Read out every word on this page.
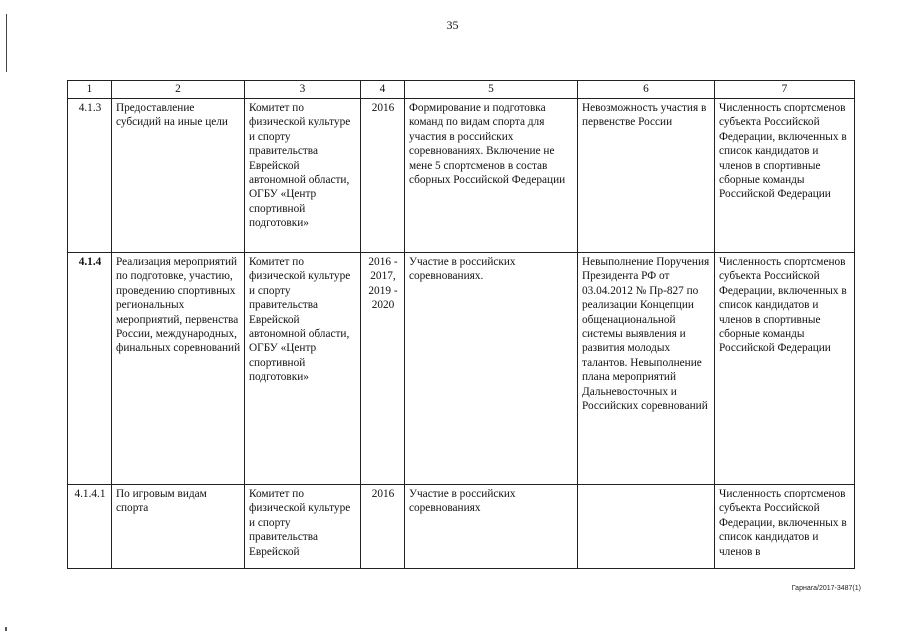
35
1	2	3	4	5	6	7
4.1.3	Предоставление субсидий на иные цели	Комитет по физической культуре и спорту правительства Еврейской автономной области, ОГБУ «Центр спортивной подготовки»	2016	Формирование и подготовка команд по видам спорта для участия в российских соревнованиях. Включение не мене 5 спортсменов в состав сборных Российской Федерации	Невозможность участия в первенстве России	Численность спортсменов субъекта Российской Федерации, включенных в список кандидатов и членов в спортивные сборные команды Российской Федерации
4.1.4	Реализация мероприятий по подготовке, участию, проведению спортивных региональных мероприятий, первенства России, международных, финальных соревнований	Комитет по физической культуре и спорту правительства Еврейской автономной области, ОГБУ «Центр спортивной подготовки»	2016 - 2017, 2019 - 2020	Участие в российских соревнованиях.	Невыполнение Поручения Президента РФ от 03.04.2012 № Пр-827 по реализации Концепции общенациональной системы выявления и развития молодых талантов. Невыполнение плана мероприятий Дальневосточных и Российских соревнований	Численность спортсменов субъекта Российской Федерации, включенных в список кандидатов и членов в спортивные сборные команды Российской Федерации
4.1.4.1	По игровым видам спорта	Комитет по физической культуре и спорту правительства Еврейской	2016	Участие в российских соревнованиях		Численность спортсменов субъекта Российской Федерации, включенных в список кандидатов и членов в
Гарнага/2017-3487(1)
